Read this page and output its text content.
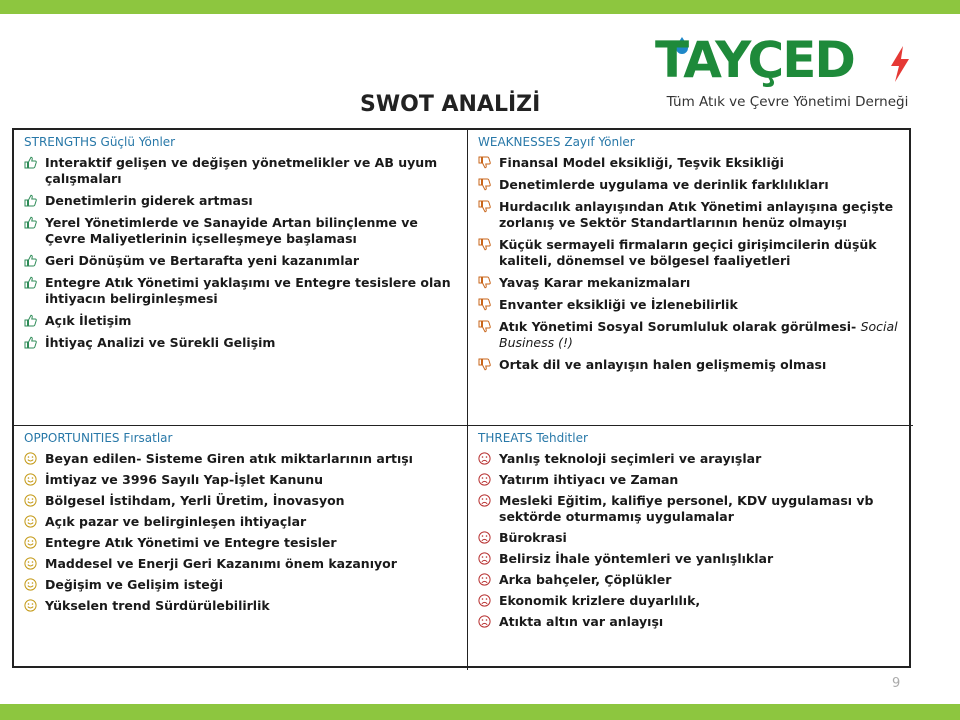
TAYÇED
Tüm Atık ve Çevre Yönetimi Derneği
SWOT ANALİZİ
STRENGTHS Güçlü Yönler
Interaktif gelişen ve değişen yönetmelikler ve AB uyum çalışmaları
Denetimlerin giderek artması
Yerel Yönetimlerde ve Sanayide Artan bilinçlenme ve Çevre Maliyetlerinin içselleşmeye başlaması
Geri Dönüşüm ve Bertarafta yeni kazanımlar
Entegre Atık Yönetimi yaklaşımı ve Entegre tesislere olan ihtiyacın belirginleşmesi
Açık İletişim
İhtiyaç Analizi ve Sürekli Gelişim
WEAKNESSES Zayıf Yönler
Finansal Model eksikliği, Teşvik Eksikliği
Denetimlerde uygulama ve derinlik farklılıkları
Hurdacılık anlayışından Atık Yönetimi anlayışına geçişte zorlanış ve Sektör Standartlarının henüz olmayışı
Küçük sermayeli firmaların geçici girişimcilerin düşük kaliteli, dönemsel ve bölgesel faaliyetleri
Yavaş Karar mekanizmaları
Envanter eksikliği ve İzlenebilirlik
Atık Yönetimi Sosyal Sorumluluk olarak görülmesi- Social Business (!)
Ortak dil ve anlayışın halen gelişmemiş olması
OPPORTUNITIES Fırsatlar
Beyan edilen- Sisteme Giren atık miktarlarının artışı
İmtiyaz ve 3996 Sayılı Yap-İşlet Kanunu
Bölgesel İstihdam, Yerli Üretim, İnovasyon
Açık pazar ve belirginleşen ihtiyaçlar
Entegre Atık Yönetimi ve Entegre tesisler
Maddesel ve Enerji Geri Kazanımı önem kazanıyor
Değişim ve Gelişim isteği
Yükselen trend Sürdürülebilirlik
THREATS Tehditler
Yanlış teknoloji seçimleri ve arayışlar
Yatırım ihtiyacı ve Zaman
Mesleki Eğitim, kalifiye personel, KDV uygulaması vb sektörde oturmamış uygulamalar
Bürokrasi
Belirsiz İhale yöntemleri ve yanlışlıklar
Arka bahçeler, Çöplükler
Ekonomik krizlere duyarlılık,
Atıkta altın var anlayışı
9
